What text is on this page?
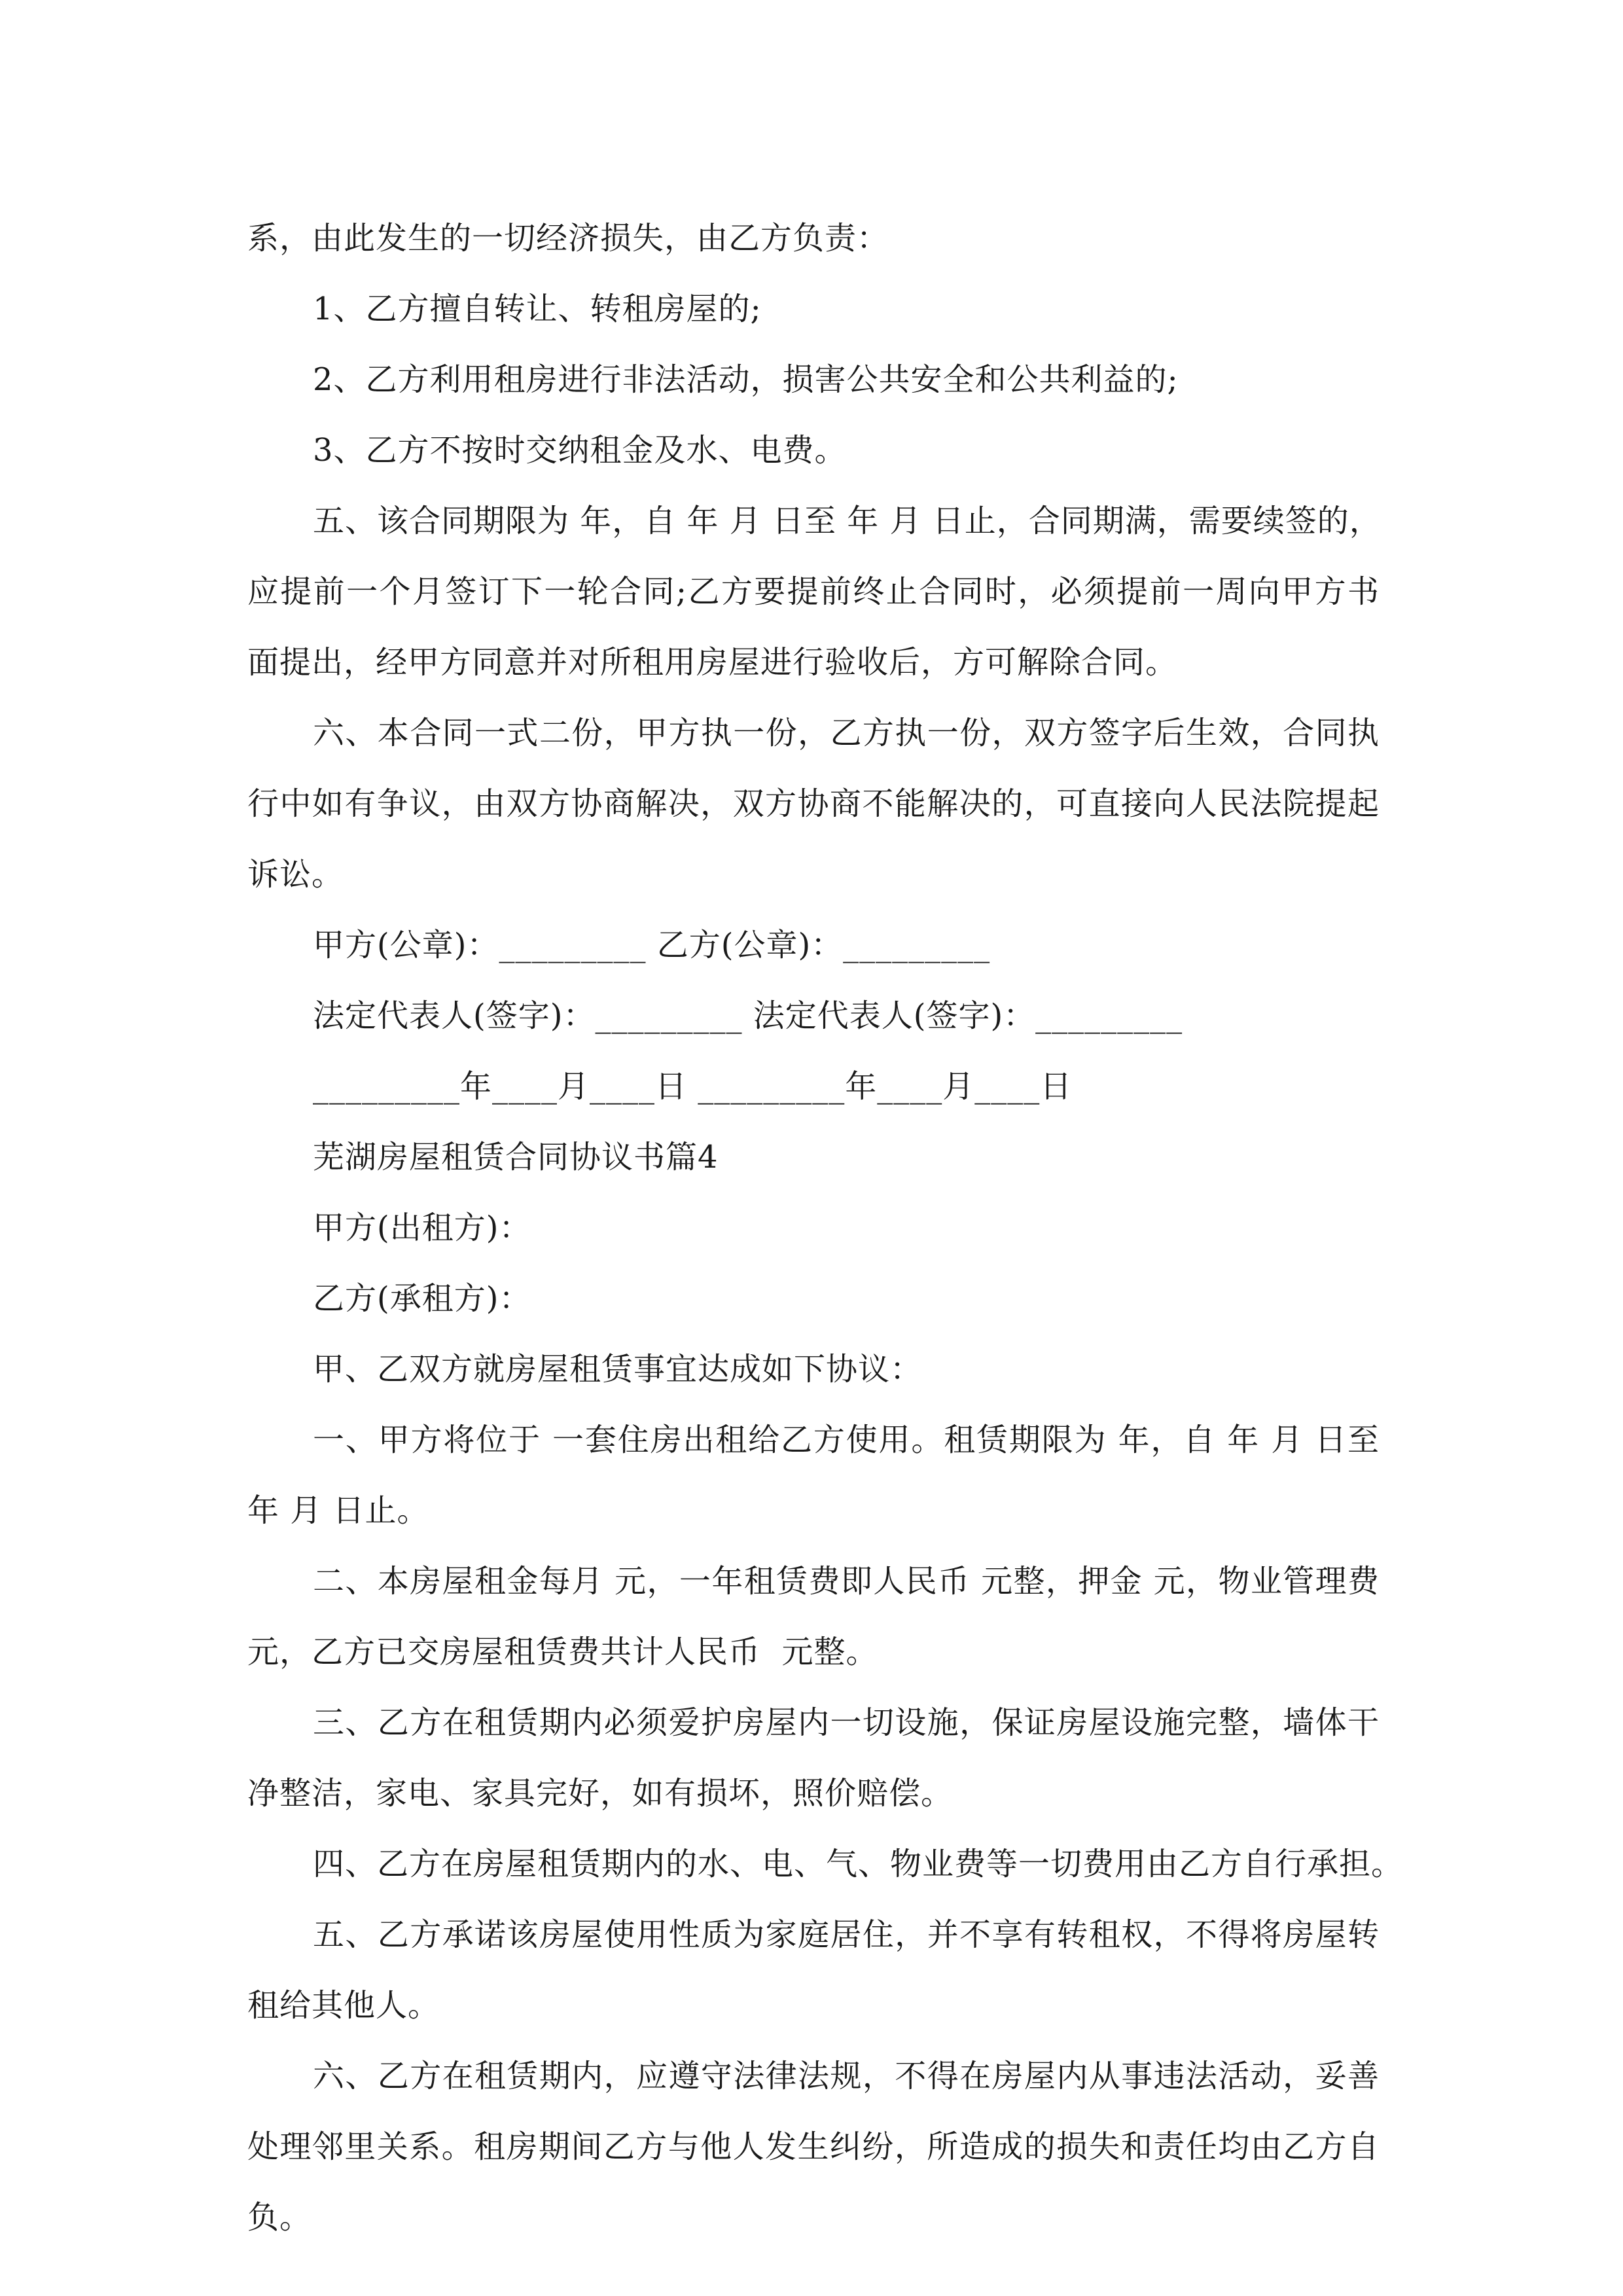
系，由此发生的一切经济损失，由乙方负责：
1、乙方擅自转让、转租房屋的;
2、乙方利用租房进行非法活动，损害公共安全和公共利益的;
3、乙方不按时交纳租金及水、电费。
五、该合同期限为 年，自 年 月 日至 年 月 日止，合同期满，需要续签的，
应提前一个月签订下一轮合同;乙方要提前终止合同时，必须提前一周向甲方书
面提出，经甲方同意并对所租用房屋进行验收后，方可解除合同。
六、本合同一式二份，甲方执一份，乙方执一份，双方签字后生效，合同执
行中如有争议，由双方协商解决，双方协商不能解决的，可直接向人民法院提起
诉讼。
甲方(公章)：_________ 乙方(公章)：_________
法定代表人(签字)：_________ 法定代表人(签字)：_________
_________年____月____日 _________年____月____日
芜湖房屋租赁合同协议书篇4
甲方(出租方)：
乙方(承租方)：
甲、乙双方就房屋租赁事宜达成如下协议：
一、甲方将位于 一套住房出租给乙方使用。租赁期限为 年，自 年 月 日至
年 月 日止。
二、本房屋租金每月 元，一年租赁费即人民币 元整，押金 元，物业管理费
元，乙方已交房屋租赁费共计人民币  元整。
三、乙方在租赁期内必须爱护房屋内一切设施，保证房屋设施完整，墙体干
净整洁，家电、家具完好，如有损坏，照价赔偿。
四、乙方在房屋租赁期内的水、电、气、物业费等一切费用由乙方自行承担。
五、乙方承诺该房屋使用性质为家庭居住，并不享有转租权，不得将房屋转
租给其他人。
六、乙方在租赁期内，应遵守法律法规，不得在房屋内从事违法活动，妥善
处理邻里关系。租房期间乙方与他人发生纠纷，所造成的损失和责任均由乙方自
负。
